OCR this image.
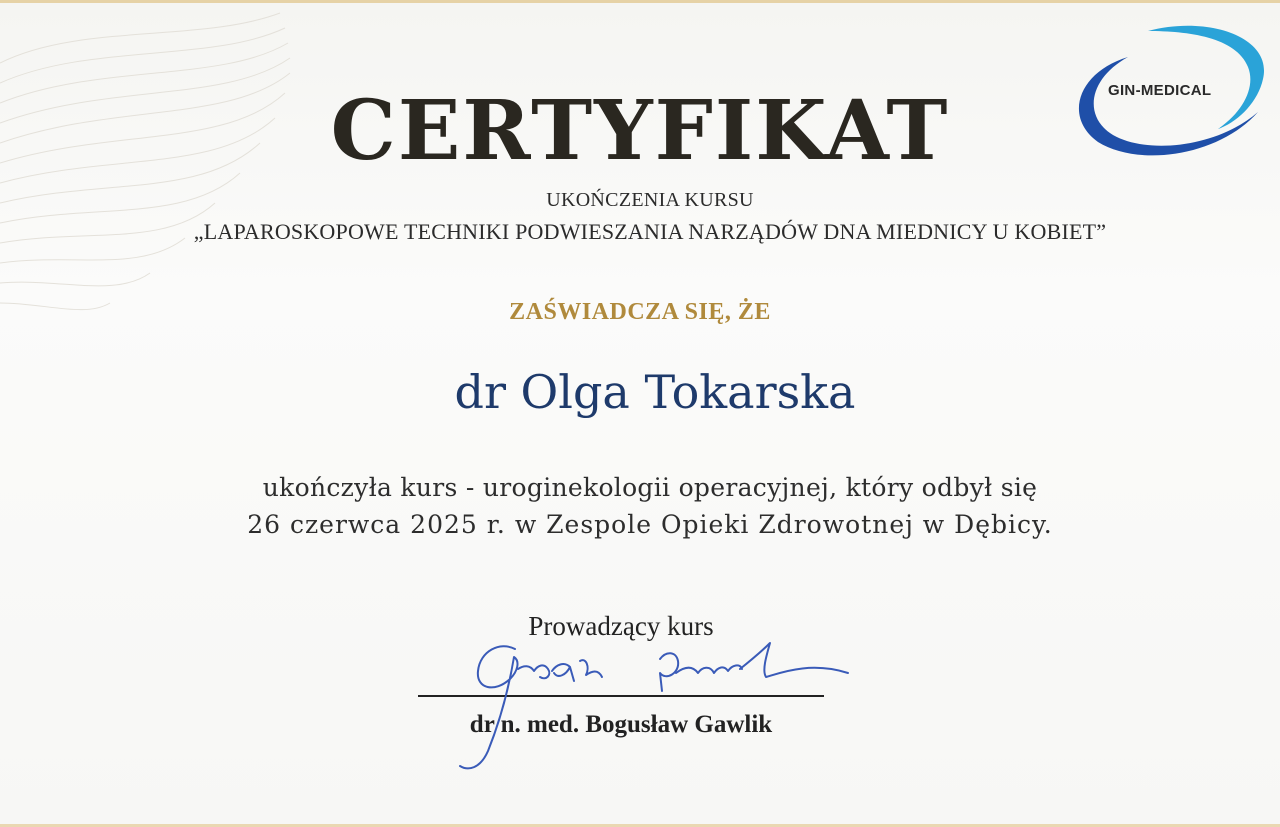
GIN-MEDICAL
CERTYFIKAT
UKOŃCZENIA KURSU
„LAPAROSKOPOWE TECHNIKI PODWIESZANIA NARZĄDÓW DNA MIEDNICY U KOBIET”
ZAŚWIADCZA SIĘ, ŻE
dr Olga Tokarska
ukończyła kurs - uroginekologii operacyjnej, który odbył się
26 czerwca 2025 r. w Zespole Opieki Zdrowotnej w Dębicy.
Prowadzący kurs
dr n. med. Bogusław Gawlik
